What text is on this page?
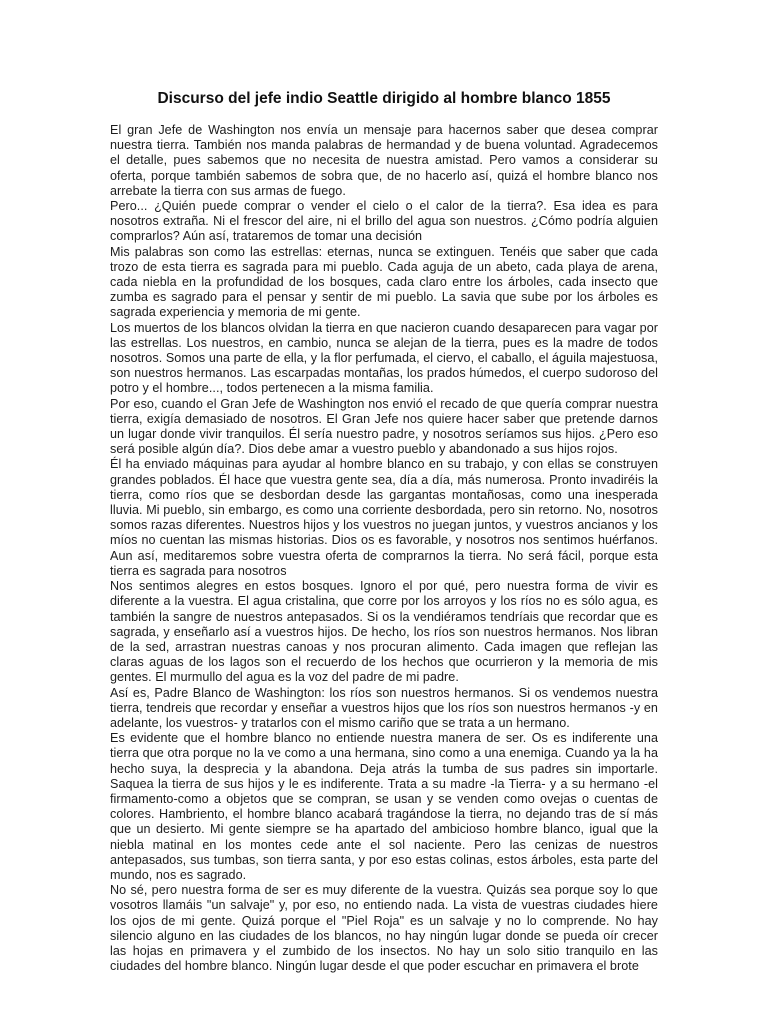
Discurso del jefe indio Seattle dirigido al hombre blanco 1855

El gran Jefe de Washington nos envía un mensaje para hacernos saber que desea comprar nuestra tierra. También nos manda palabras de hermandad y de buena voluntad. Agradecemos el detalle, pues sabemos que no necesita de nuestra amistad. Pero vamos a considerar su oferta, porque también sabemos de sobra que, de no hacerlo así, quizá el hombre blanco nos arrebate la tierra con sus armas de fuego.

Pero... ¿Quién puede comprar o vender el cielo o el calor de la tierra?. Esa idea es para nosotros extraña. Ni el frescor del aire, ni el brillo del agua son nuestros. ¿Cómo podría alguien comprarlos? Aún así, trataremos de tomar una decisión

Mis palabras son como las estrellas: eternas, nunca se extinguen. Tenéis que saber que cada trozo de esta tierra es sagrada para mi pueblo. Cada aguja de un abeto, cada playa de arena, cada niebla en la profundidad de los bosques, cada claro entre los árboles, cada insecto que zumba es sagrado para el pensar y sentir de mi pueblo. La savia que sube por los árboles es sagrada experiencia y memoria de mi gente.

Los muertos de los blancos olvidan la tierra en que nacieron cuando desaparecen para vagar por las estrellas. Los nuestros, en cambio, nunca se alejan de la tierra, pues es la madre de todos nosotros. Somos una parte de ella, y la flor perfumada, el ciervo, el caballo, el águila majestuosa, son nuestros hermanos. Las escarpadas montañas, los prados húmedos, el cuerpo sudoroso del potro y el hombre..., todos pertenecen a la misma familia.

Por eso, cuando el Gran Jefe de Washington nos envió el recado de que quería comprar nuestra tierra, exigía demasiado de nosotros. El Gran Jefe nos quiere hacer saber que pretende darnos un lugar donde vivir tranquilos. Él sería nuestro padre, y nosotros seríamos sus hijos. ¿Pero eso será posible algún día?. Dios debe amar a vuestro pueblo y abandonado a sus hijos rojos.

Él ha enviado máquinas para ayudar al hombre blanco en su trabajo, y con ellas se construyen grandes poblados. Él hace que vuestra gente sea, día a día, más numerosa. Pronto invadiréis la tierra, como ríos que se desbordan desde las gargantas montañosas, como una inesperada lluvia. Mi pueblo, sin embargo, es como una corriente desbordada, pero sin retorno. No, nosotros somos razas diferentes. Nuestros hijos y los vuestros no juegan juntos, y vuestros ancianos y los míos no cuentan las mismas historias. Dios os es favorable, y nosotros nos sentimos huérfanos. Aun así, meditaremos sobre vuestra oferta de comprarnos la tierra. No será fácil, porque esta tierra es sagrada para nosotros

Nos sentimos alegres en estos bosques. Ignoro el por qué, pero nuestra forma de vivir es diferente a la vuestra. El agua cristalina, que corre por los arroyos y los ríos no es sólo agua, es también la sangre de nuestros antepasados. Si os la vendiéramos tendríais que recordar que es sagrada, y enseñarlo así a vuestros hijos. De hecho, los ríos son nuestros hermanos. Nos libran de la sed, arrastran nuestras canoas y nos procuran alimento. Cada imagen que reflejan las claras aguas de los lagos son el recuerdo de los hechos que ocurrieron y la memoria de mis gentes. El murmullo del agua es la voz del padre de mi padre.

Así es, Padre Blanco de Washington: los ríos son nuestros hermanos. Si os vendemos nuestra tierra, tendreis que recordar y enseñar a vuestros hijos que los ríos son nuestros hermanos -y en adelante, los vuestros- y tratarlos con el mismo cariño que se trata a un hermano.

Es evidente que el hombre blanco no entiende nuestra manera de ser. Os es indiferente una tierra que otra porque no la ve como a una hermana, sino como a una enemiga. Cuando ya la ha hecho suya, la desprecia y la abandona. Deja atrás la tumba de sus padres sin importarle. Saquea la tierra de sus hijos y le es indiferente. Trata a su madre -la Tierra- y a su hermano -el firmamento-como a objetos que se compran, se usan y se venden como ovejas o cuentas de colores. Hambriento, el hombre blanco acabará tragándose la tierra, no dejando tras de sí más que un desierto. Mi gente siempre se ha apartado del ambicioso hombre blanco, igual que la niebla matinal en los montes cede ante el sol naciente. Pero las cenizas de nuestros antepasados, sus tumbas, son tierra santa, y por eso estas colinas, estos árboles, esta parte del mundo, nos es sagrado.

No sé, pero nuestra forma de ser es muy diferente de la vuestra. Quizás sea porque soy lo que vosotros llamáis "un salvaje" y, por eso, no entiendo nada. La vista de vuestras ciudades hiere los ojos de mi gente. Quizá porque el "Piel Roja" es un salvaje y no lo comprende. No hay silencio alguno en las ciudades de los blancos, no hay ningún lugar donde se pueda oír crecer las hojas en primavera y el zumbido de los insectos. No hay un solo sitio tranquilo en las ciudades del hombre blanco. Ningún lugar desde el que poder escuchar en primavera el brote
